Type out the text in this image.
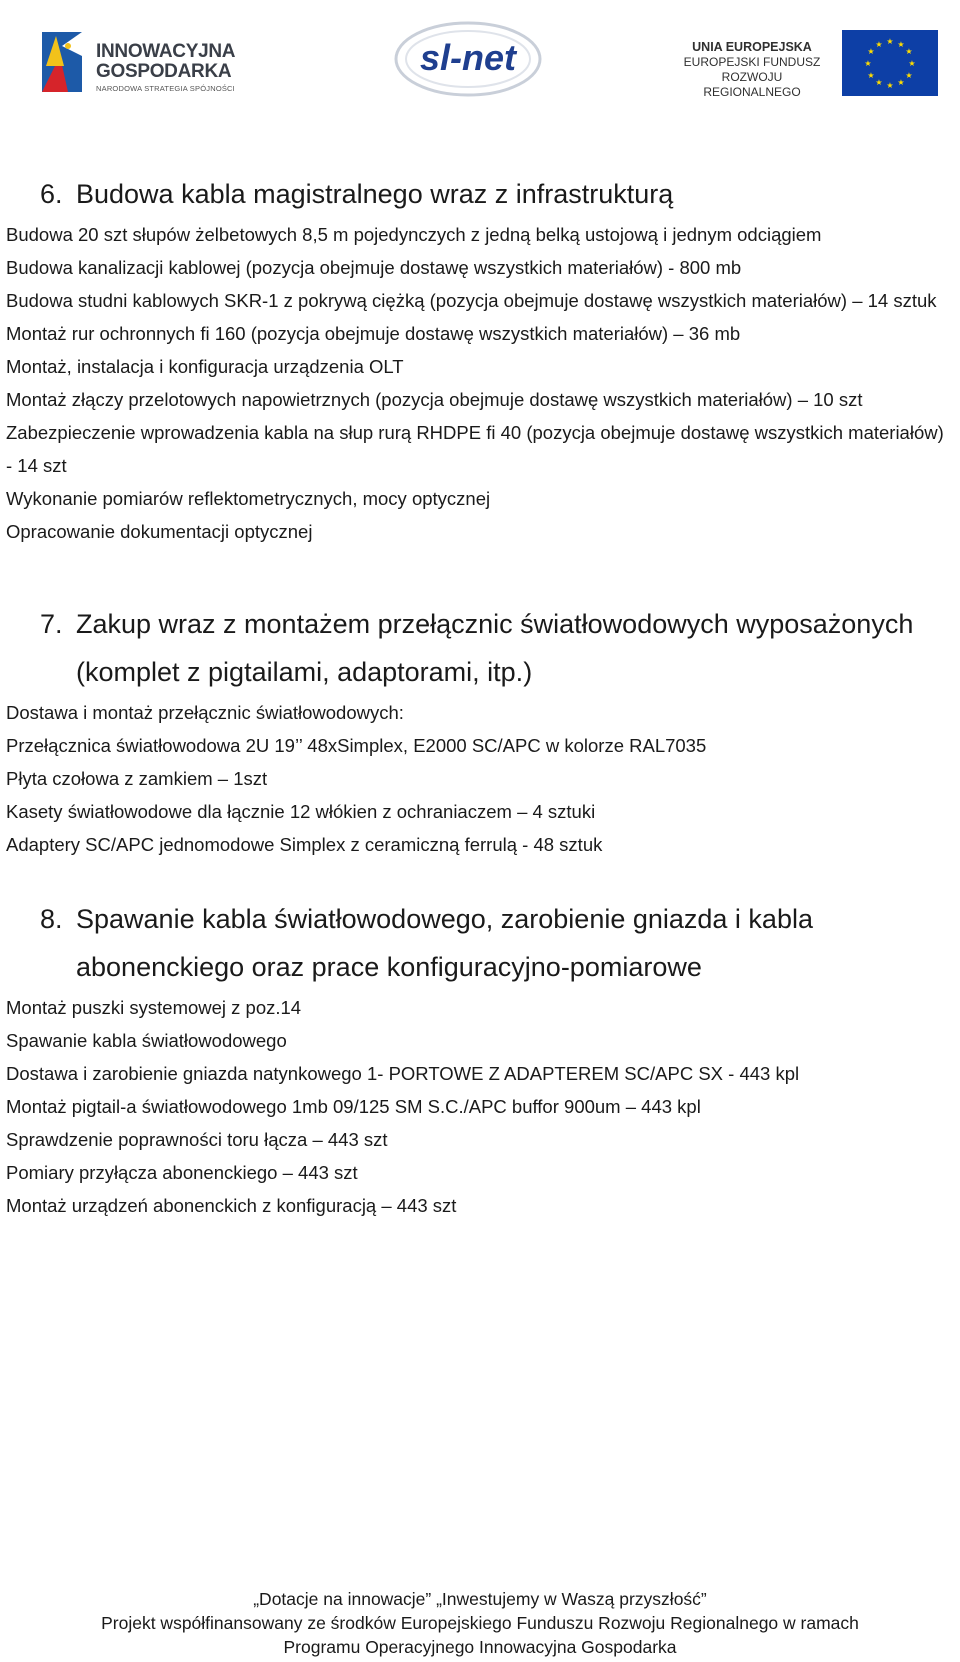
INNOWACYJNA
GOSPODARKA
NARODOWA STRATEGIA SPÓJNOŚCI
sl-net	UNIA EUROPEJSKA
EUROPEJSKI FUNDUSZ
ROZWOJU REGIONALNEGO
★ ★
★
★
★
★
★
★
★
★
★
★
6. Budowa kabla magistralnego wraz z infrastrukturą

Budowa 20 szt słupów żelbetowych 8,5 m pojedynczych z jedną belką ustojową i jednym odciągiem

Budowa kanalizacji kablowej (pozycja obejmuje dostawę wszystkich materiałów) - 800 mb

Budowa studni kablowych SKR-1 z pokrywą ciężką (pozycja obejmuje dostawę wszystkich materiałów) – 14 sztuk

Montaż rur ochronnych fi 160 (pozycja obejmuje dostawę wszystkich materiałów) – 36 mb

Montaż, instalacja i konfiguracja urządzenia OLT

Montaż złączy przelotowych napowietrznych (pozycja obejmuje dostawę wszystkich materiałów) – 10 szt

Zabezpieczenie wprowadzenia kabla na słup rurą RHDPE fi 40 (pozycja obejmuje dostawę wszystkich materiałów) - 14 szt

Wykonanie pomiarów reflektometrycznych, mocy optycznej

Opracowanie dokumentacji optycznej

7. Zakup wraz z montażem przełącznic światłowodowych wyposażonych (komplet z pigtailami, adaptorami, itp.)

Dostawa i montaż przełącznic światłowodowych:

Przełącznica światłowodowa 2U 19’’ 48xSimplex, E2000 SC/APC w kolorze RAL7035

Płyta czołowa z zamkiem – 1szt

Kasety światłowodowe dla łącznie 12 włókien z ochraniaczem – 4 sztuki

Adaptery SC/APC jednomodowe Simplex z ceramiczną ferrulą - 48 sztuk

8. Spawanie kabla światłowodowego, zarobienie gniazda i kabla abonenckiego oraz prace konfiguracyjno-pomiarowe

Montaż puszki systemowej z poz.14

Spawanie kabla światłowodowego

Dostawa i zarobienie gniazda natynkowego 1- PORTOWE Z ADAPTEREM SC/APC SX - 443 kpl

Montaż pigtail-a światłowodowego 1mb 09/125 SM S.C./APC buffor 900um – 443 kpl

Sprawdzenie poprawności toru łącza – 443 szt

Pomiary przyłącza abonenckiego – 443 szt

Montaż urządzeń abonenckich z konfiguracją – 443 szt

„Dotacje na innowacje” „Inwestujemy w Waszą przyszłość”
Projekt współfinansowany ze środków Europejskiego Funduszu Rozwoju Regionalnego w ramach
Programu Operacyjnego Innowacyjna Gospodarka
